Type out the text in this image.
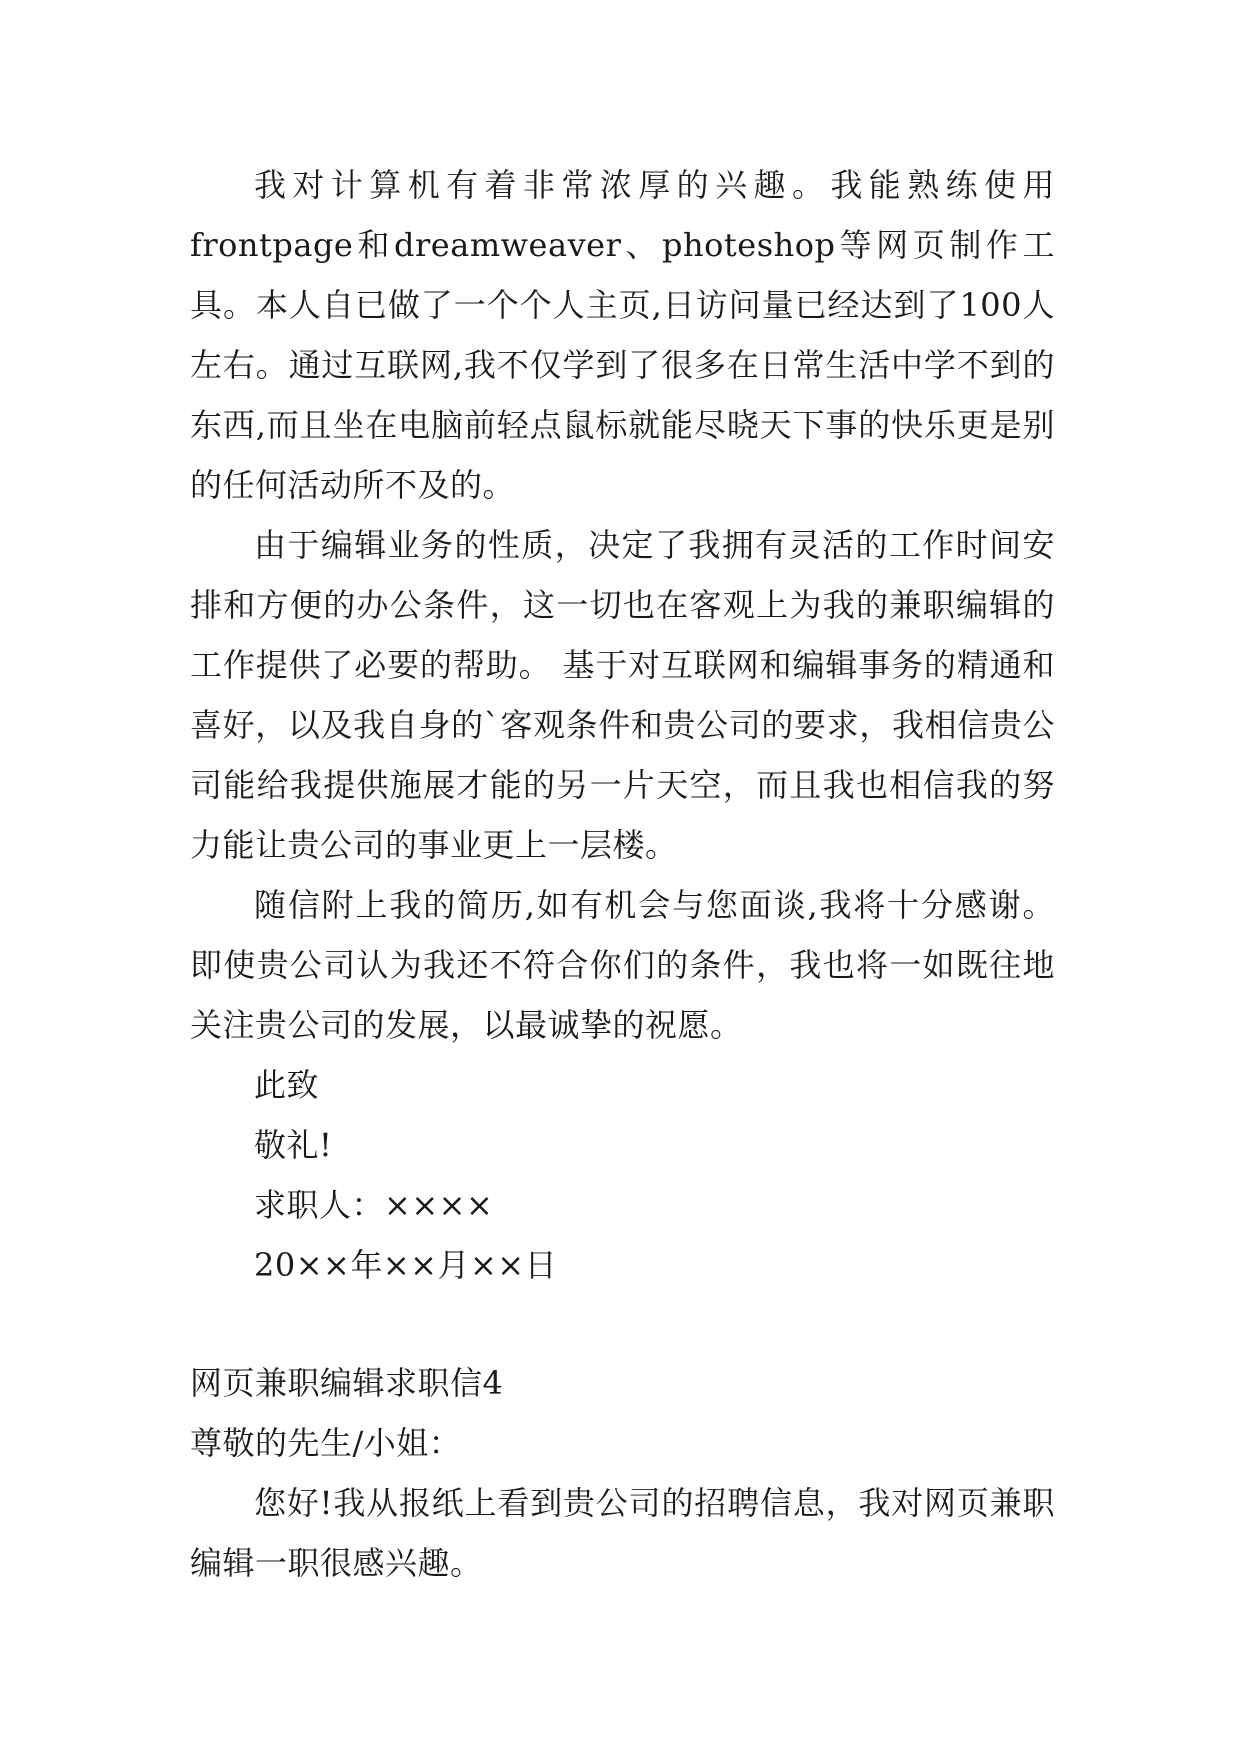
我对计算机有着非常浓厚的兴趣。我能熟练使用frontpage和dreamweaver、photeshop等网页制作工具。本人自已做了一个个人主页,日访问量已经达到了100人左右。通过互联网,我不仅学到了很多在日常生活中学不到的东西,而且坐在电脑前轻点鼠标就能尽晓天下事的快乐更是别的任何活动所不及的。

由于编辑业务的性质，决定了我拥有灵活的工作时间安排和方便的办公条件，这一切也在客观上为我的兼职编辑的工作提供了必要的帮助。 基于对互联网和编辑事务的精通和喜好，以及我自身的`客观条件和贵公司的要求，我相信贵公司能给我提供施展才能的另一片天空，而且我也相信我的努力能让贵公司的事业更上一层楼。

随信附上我的简历,如有机会与您面谈,我将十分感谢。即使贵公司认为我还不符合你们的条件，我也将一如既往地关注贵公司的发展，以最诚挚的祝愿。

此致

敬礼!

求职人：××××

20××年××月××日

网页兼职编辑求职信4

尊敬的先生/小姐：

您好!我从报纸上看到贵公司的招聘信息，我对网页兼职编辑一职很感兴趣。
